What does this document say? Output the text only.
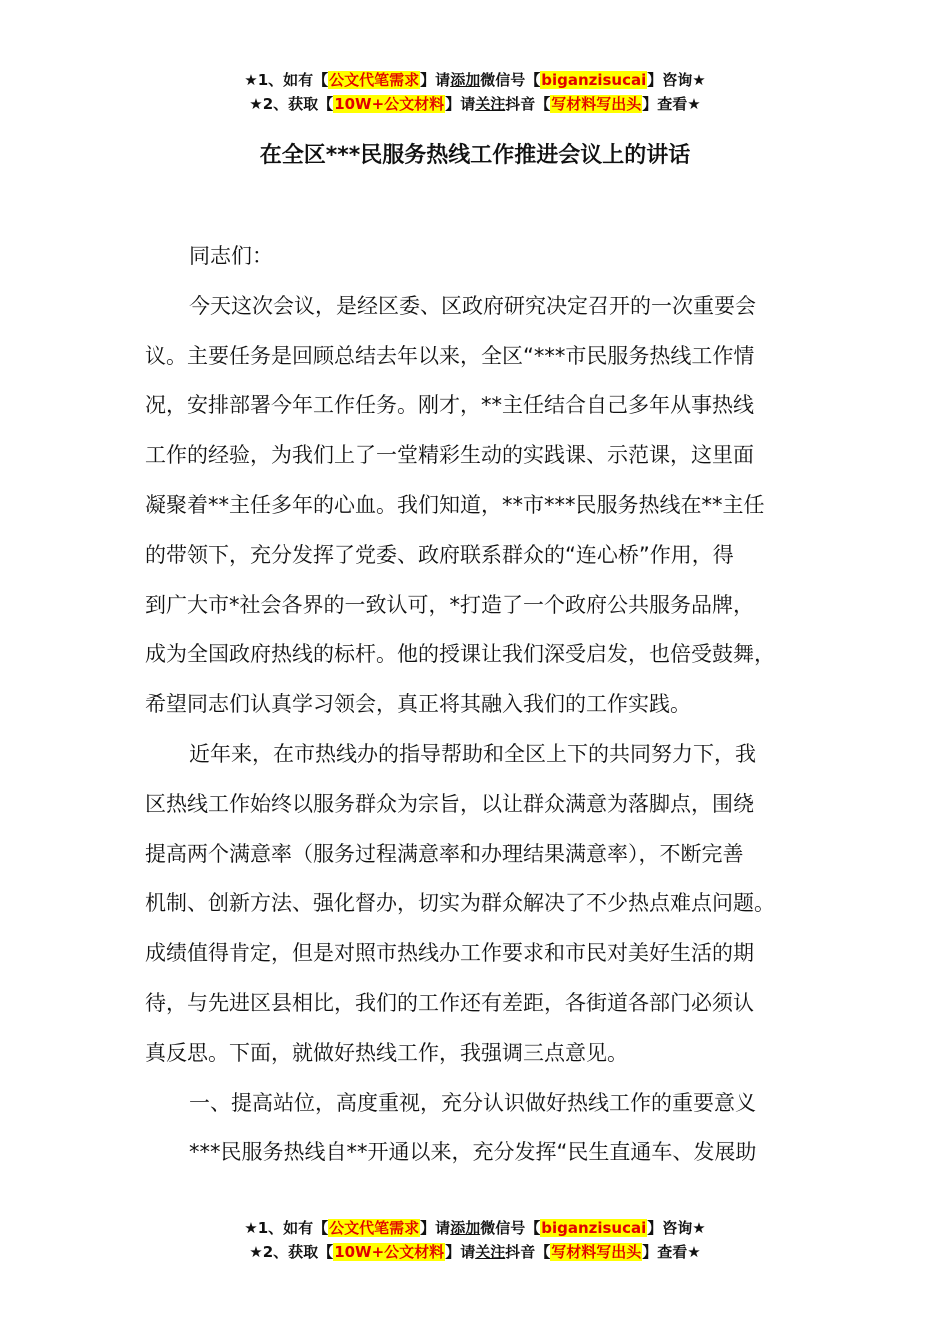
★1、如有【公文代笔需求】请添加微信号【biganzisucai】咨询★
★2、获取【10W+公文材料】请关注抖音【写材料写出头】查看★
在全区***民服务热线工作推进会议上的讲话
同志们：
今天这次会议，是经区委、区政府研究决定召开的一次重要会
议。主要任务是回顾总结去年以来，全区“***市民服务热线工作情
况，安排部署今年工作任务。刚才，**主任结合自己多年从事热线
工作的经验，为我们上了一堂精彩生动的实践课、示范课，这里面
凝聚着**主任多年的心血。我们知道，**市***民服务热线在**主任
的带领下，充分发挥了党委、政府联系群众的“连心桥”作用，得
到广大市*社会各界的一致认可，*打造了一个政府公共服务品牌，
成为全国政府热线的标杆。他的授课让我们深受启发，也倍受鼓舞，
希望同志们认真学习领会，真正将其融入我们的工作实践。
近年来，在市热线办的指导帮助和全区上下的共同努力下，我
区热线工作始终以服务群众为宗旨，以让群众满意为落脚点，围绕
提高两个满意率（服务过程满意率和办理结果满意率），不断完善
机制、创新方法、强化督办，切实为群众解决了不少热点难点问题。
成绩值得肯定，但是对照市热线办工作要求和市民对美好生活的期
待，与先进区县相比，我们的工作还有差距，各街道各部门必须认
真反思。下面，就做好热线工作，我强调三点意见。
一、提高站位，高度重视，充分认识做好热线工作的重要意义
***民服务热线自**开通以来，充分发挥“民生直通车、发展助
★1、如有【公文代笔需求】请添加微信号【biganzisucai】咨询★
★2、获取【10W+公文材料】请关注抖音【写材料写出头】查看★
